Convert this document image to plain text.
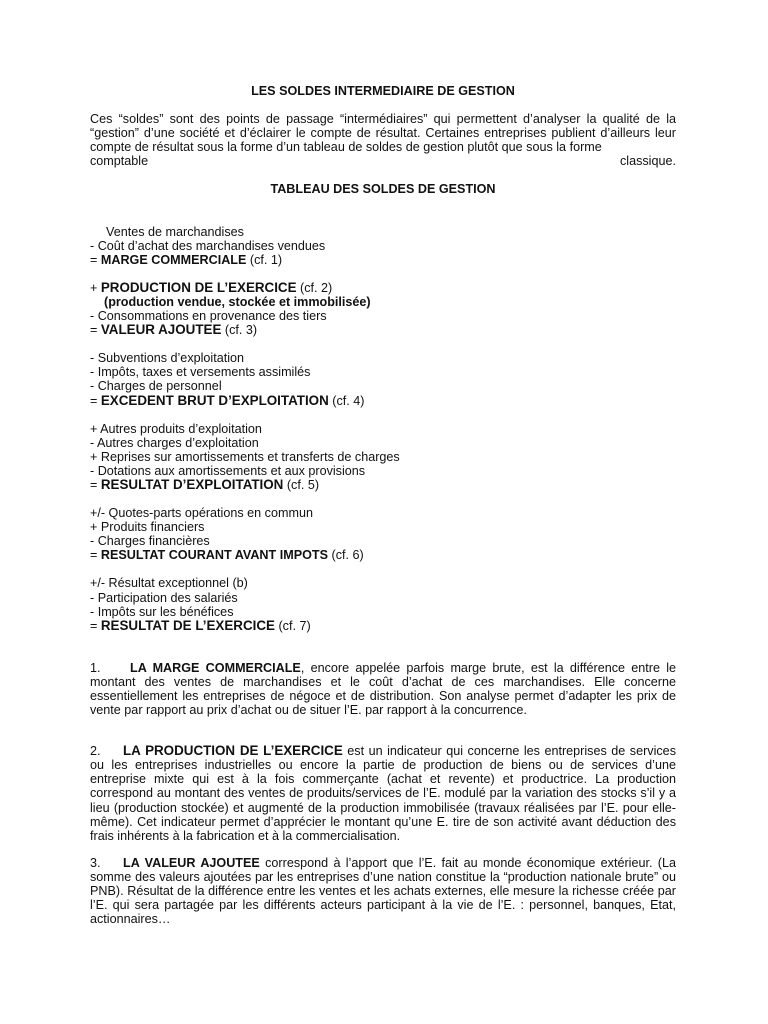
LES SOLDES INTERMEDIAIRE DE GESTION
Ces “soldes” sont des points de passage “intermédiaires” qui permettent d’analyser la qualité de la “gestion” d’une société et d’éclairer le compte de résultat. Certaines entreprises publient d’ailleurs leur compte de résultat sous la forme d’un tableau de soldes de gestion plutôt que sous la forme
comptable	classique.
TABLEAU DES SOLDES DE GESTION
Ventes de marchandises
- Coût d’achat des marchandises vendues
= MARGE COMMERCIALE (cf. 1)
+ PRODUCTION DE L’EXERCICE (cf. 2)
(production vendue, stockée et immobilisée)
- Consommations en provenance des tiers
= VALEUR AJOUTEE (cf. 3)
- Subventions d’exploitation
- Impôts, taxes et versements assimilés
- Charges de personnel
= EXCEDENT BRUT D’EXPLOITATION (cf. 4)
+ Autres produits d’exploitation
- Autres charges d’exploitation
+ Reprises sur amortissements et transferts de charges
- Dotations aux amortissements et aux provisions
= RESULTAT D’EXPLOITATION (cf. 5)
+/- Quotes-parts opérations en commun
+ Produits financiers
- Charges financières
= RESULTAT COURANT AVANT IMPOTS (cf. 6)
+/- Résultat exceptionnel (b)
- Participation des salariés
- Impôts sur les bénéfices
= RESULTAT DE L’EXERCICE (cf. 7)
1. LA MARGE COMMERCIALE, encore appelée parfois marge brute, est la différence entre le montant des ventes de marchandises et le coût d’achat de ces marchandises. Elle concerne essentiellement les entreprises de négoce et de distribution. Son analyse permet d’adapter les prix de vente par rapport au prix d’achat ou de situer l’E. par rapport à la concurrence.
2. LA PRODUCTION DE L’EXERCICE est un indicateur qui concerne les entreprises de services ou les entreprises industrielles ou encore la partie de production de biens ou de services d’une entreprise mixte qui est à la fois commerçante (achat et revente) et productrice. La production correspond au montant des ventes de produits/services de l’E. modulé par la variation des stocks s’il y a lieu (production stockée) et augmenté de la production immobilisée (travaux réalisées par l’E. pour elle-même). Cet indicateur permet d’apprécier le montant qu’une E. tire de son activité avant déduction des frais inhérents à la fabrication et à la commercialisation.
3. LA VALEUR AJOUTEE correspond à l’apport que l’E. fait au monde économique extérieur. (La somme des valeurs ajoutées par les entreprises d’une nation constitue la “production nationale brute” ou PNB). Résultat de la différence entre les ventes et les achats externes, elle mesure la richesse créée par l’E. qui sera partagée par les différents acteurs participant à la vie de l’E. : personnel, banques, Etat, actionnaires…
